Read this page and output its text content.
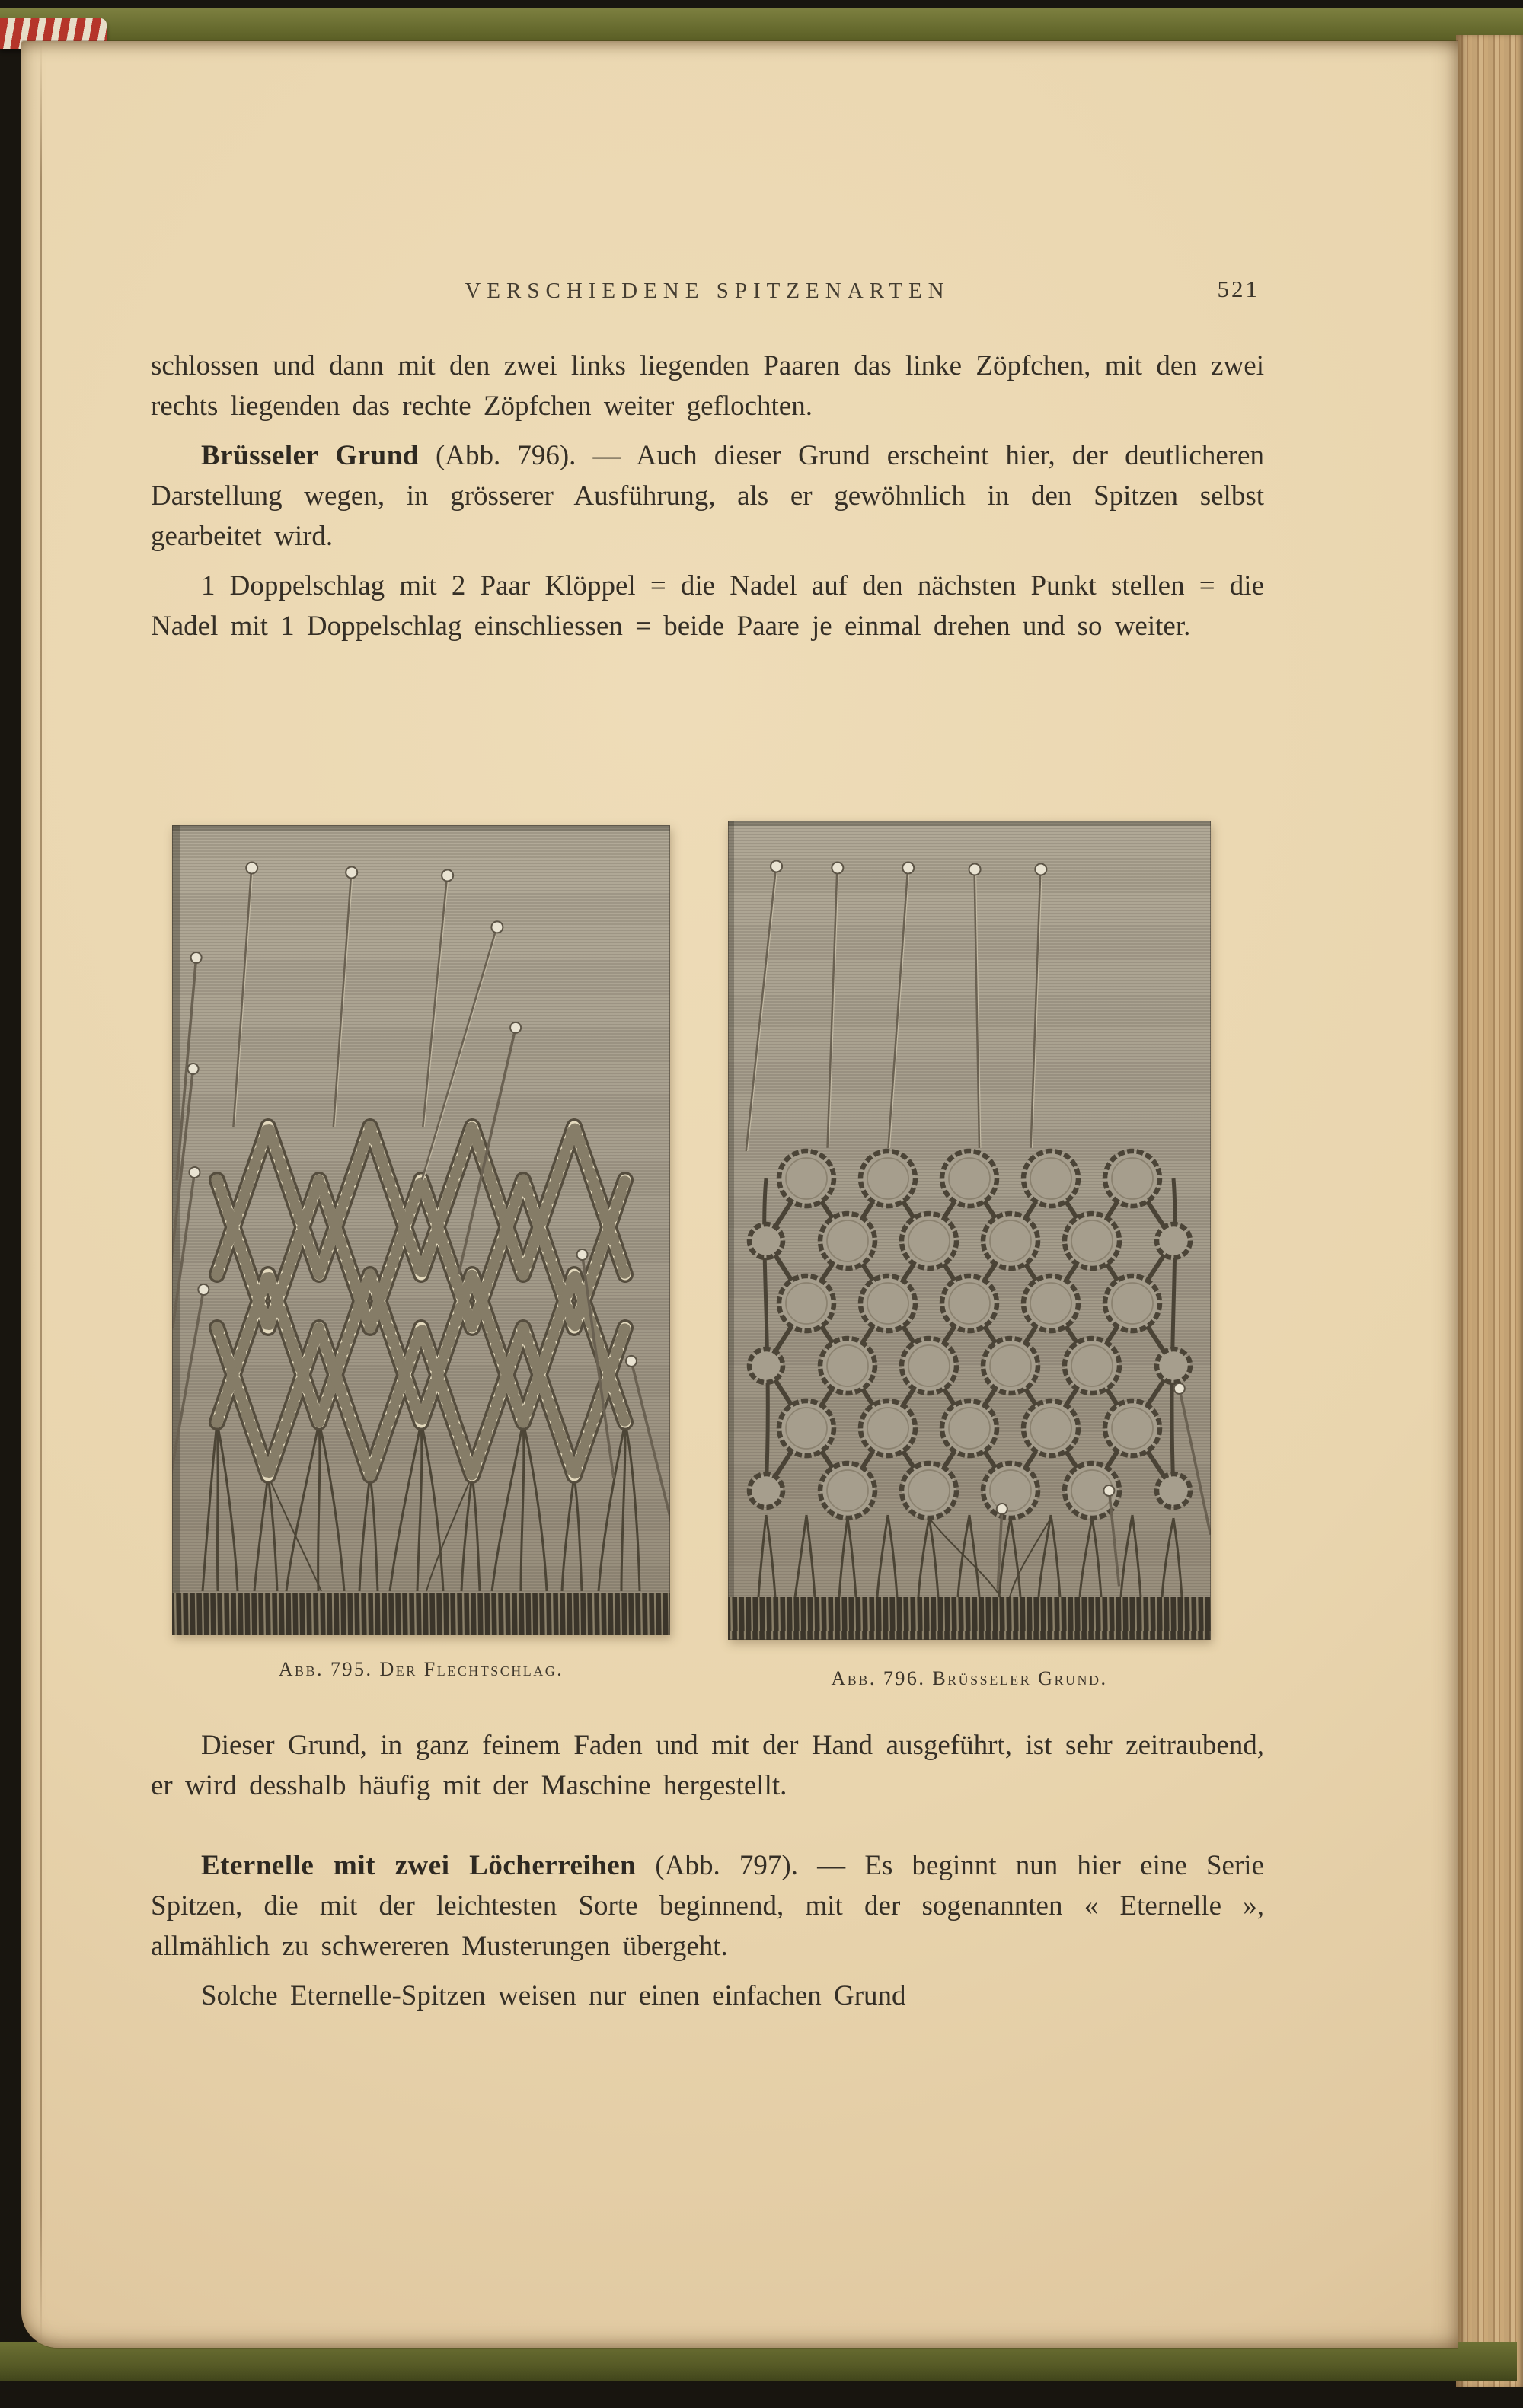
VERSCHIEDENE SPITZENARTEN	521

schlossen und dann mit den zwei links liegenden Paaren das linke Zöpfchen, mit den zwei rechts liegenden das rechte Zöpfchen weiter geflochten.

Brüsseler Grund (Abb. 796). — Auch dieser Grund erscheint hier, der deutlicheren Darstellung wegen, in grösserer Ausführung, als er gewöhnlich in den Spitzen selbst gearbeitet wird.

1 Doppelschlag mit 2 Paar Klöppel = die Nadel auf den nächsten Punkt stellen = die Nadel mit 1 Doppelschlag einschliessen = beide Paare je einmal drehen und so weiter.

Abb. 795. Der Flechtschlag.	Abb. 796. Brüsseler Grund.

Dieser Grund, in ganz feinem Faden und mit der Hand ausgeführt, ist sehr zeitraubend, er wird desshalb häufig mit der Maschine hergestellt.

Eternelle mit zwei Löcherreihen (Abb. 797). — Es beginnt nun hier eine Serie Spitzen, die mit der leichtesten Sorte beginnend, mit der sogenannten « Eternelle », allmählich zu schwereren Musterungen übergeht.

Solche Eternelle-Spitzen weisen nur einen einfachen Grund
